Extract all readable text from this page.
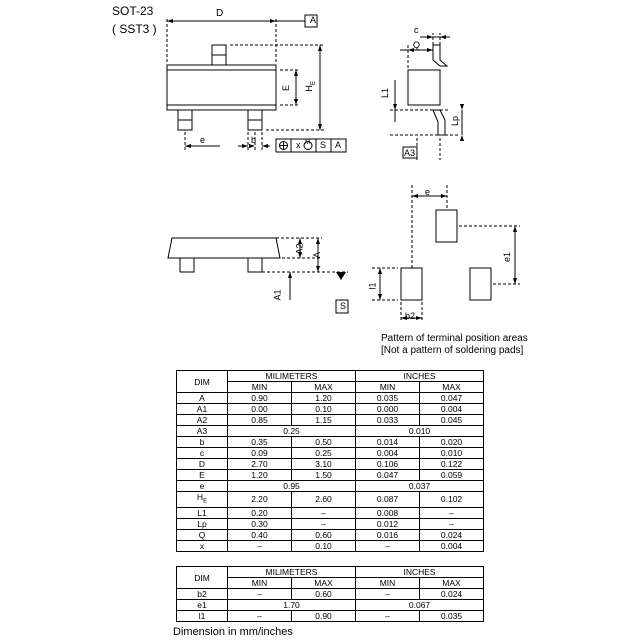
SOT-23
( SST3 )
D
A
E $H_E$
e	b	x M S A
c
Q
L1
Lp
A3
A2
A
A1
S
e
e1
l1
b2
Pattern of terminal position areas
[Not a pattern of soldering pads]
DIM	MILIMETERS		INCHES	
	MIN	MAX	MIN	MAX
A	0.90	1.20	0.035	0.047
A1	0.00	0.10	0.000	0.004
A2	0.85	1.15	0.033	0.045
A3	0.25		0.010	
b	0.35	0.50	0.014	0.020
c	0.09	0.25	0.004	0.010
D	2.70	3.10	0.106	0.122
E	1.20	1.50	0.047	0.059
e	0.95		0.037	
$H_E$	2.20	2.60	0.087	0.102
L1	0.20	–	0.008	–
Lp	0.30	–	0.012	–
Q	0.40	0.60	0.016	0.024
x	–	0.10	–	0.004
DIM	MILIMETERS		INCHES	
	MIN	MAX	MIN	MAX
b2	–	0.60	–	0.024
e1	1.70		0.067	
l1	–	0.90	–	0.035
Dimension in mm/inches
